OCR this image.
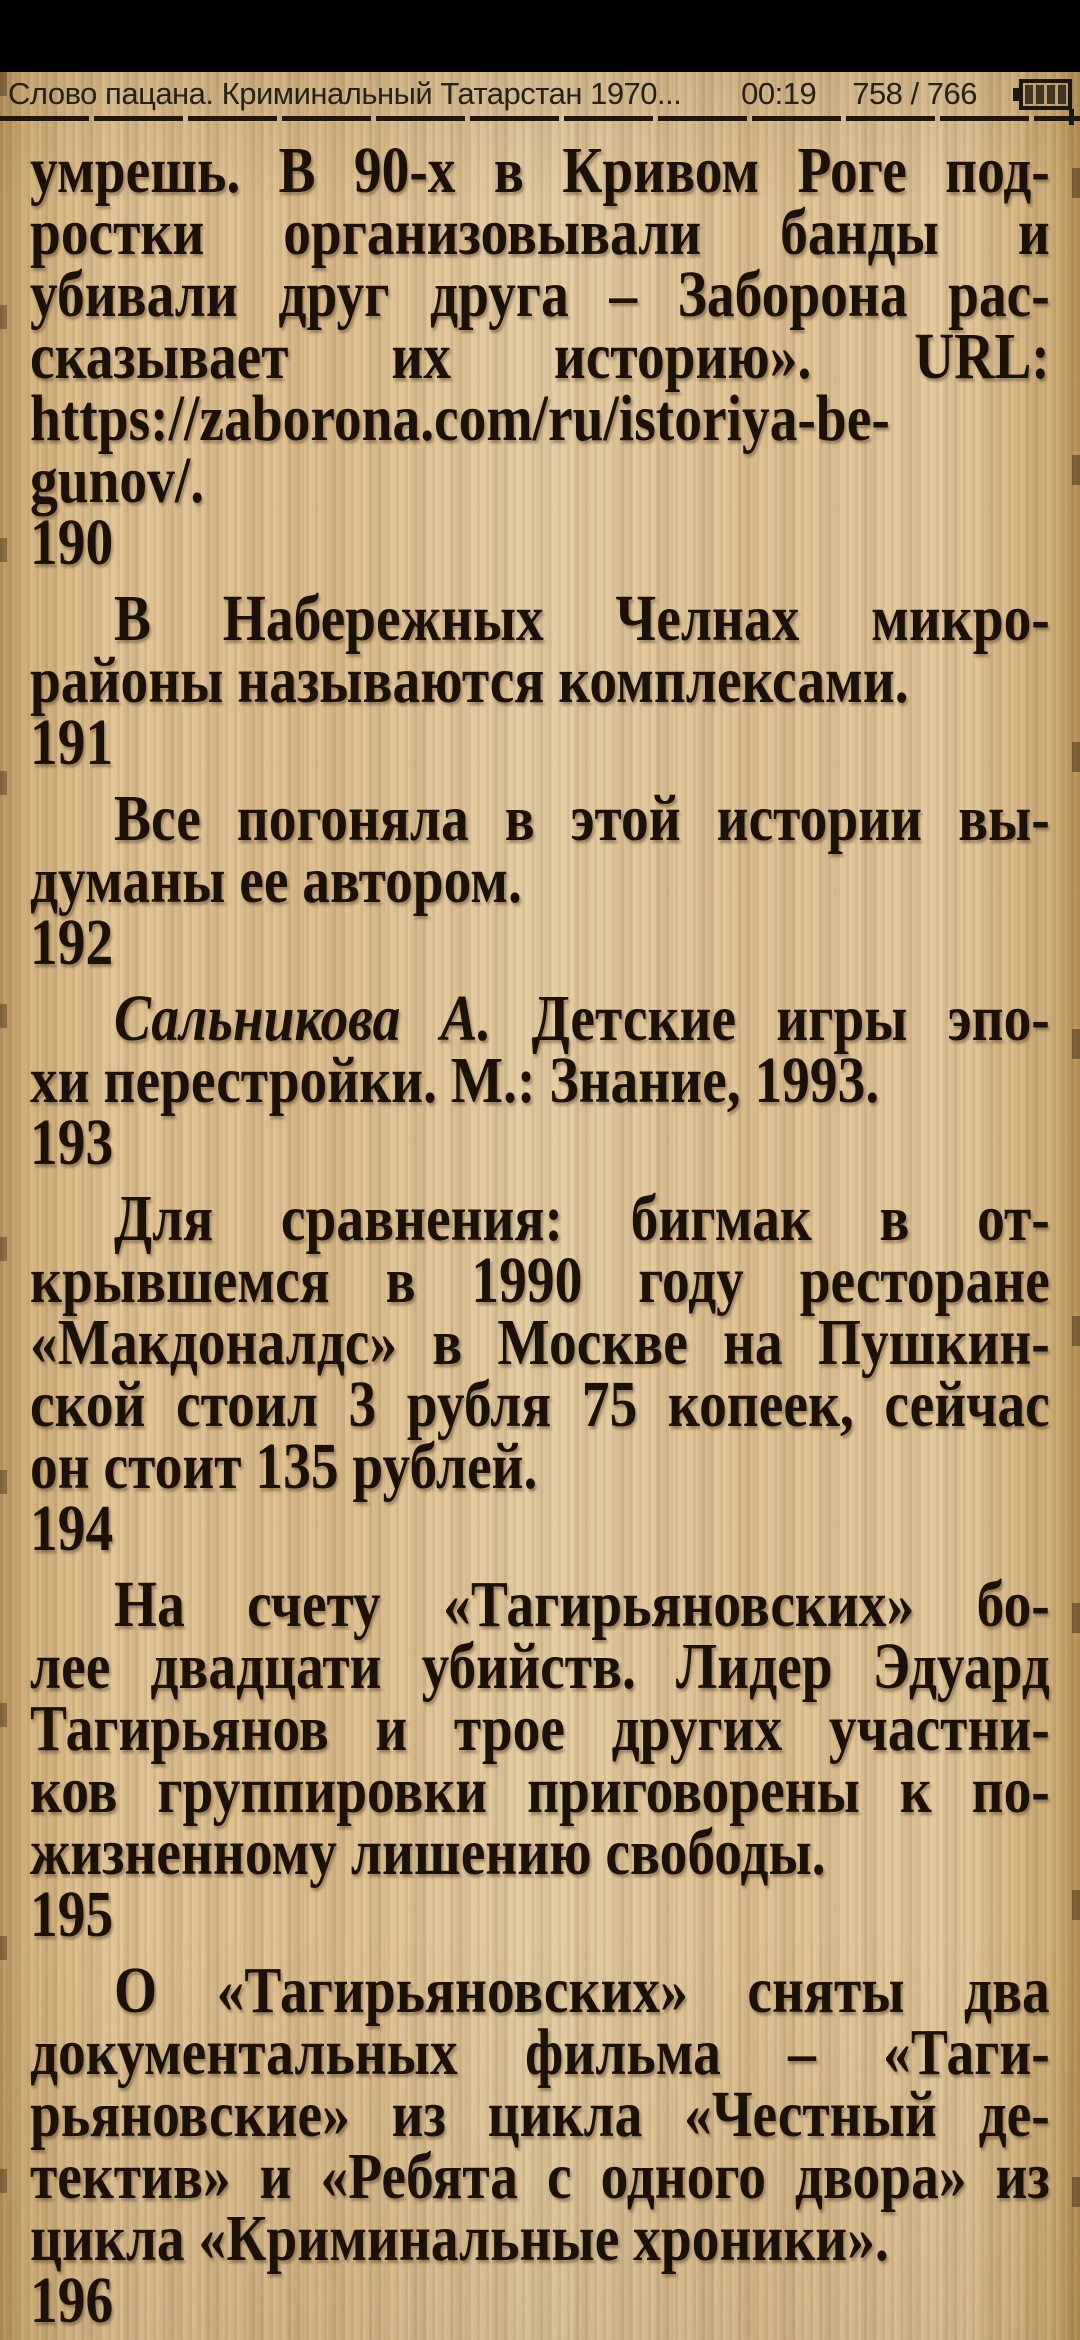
Слово пацана. Криминальный Татарстан 1970...	00:19 758 / 766
умрешь. В 90-х в Кривом Роге под-
ростки организовывали банды и
убивали друг друга – Заборона рас-
сказывает их историю». URL:
https://zaborona.com/ru/istoriya-be-
gunov/.
190
В Набережных Челнах микро-
районы называются комплексами.
191
Все погоняла в этой истории вы-
думаны ее автором.
192
Сальникова А. Детские игры эпо-
хи перестройки. М.: Знание, 1993.
193
Для сравнения: бигмак в от-
крывшемся в 1990 году ресторане
«Макдоналдс» в Москве на Пушкин-
ской стоил 3 рубля 75 копеек, сейчас
он стоит 135 рублей.
194
На счету «Тагирьяновских» бо-
лее двадцати убийств. Лидер Эдуард
Тагирьянов и трое других участни-
ков группировки приговорены к по-
жизненному лишению свободы.
195
О «Тагирьяновских» сняты два
документальных фильма – «Таги-
рьяновские» из цикла «Честный де-
тектив» и «Ребята с одного двора» из
цикла «Криминальные хроники».
196
